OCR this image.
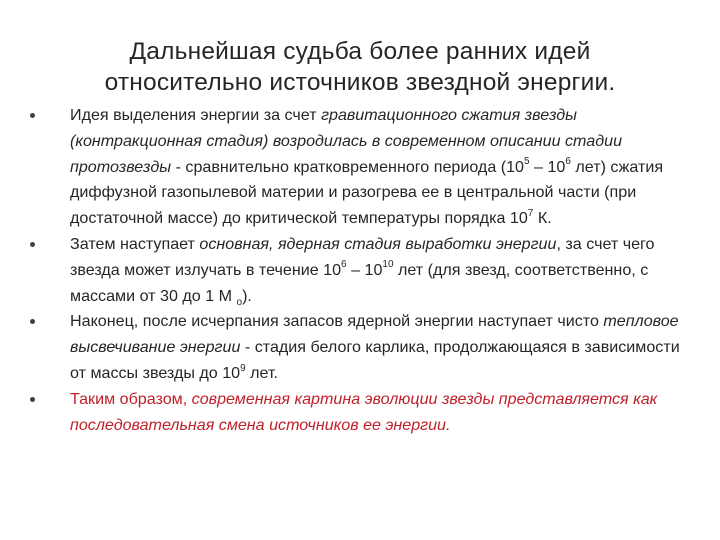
Дальнейшая судьба более ранних идей
относительно источников звездной энергии.
Идея выделения энергии за счет гравитационного сжатия звезды (контракционная стадия) возродилась в современном описании стадии протозвезды - сравнительно кратковременного периода ($10^5 - 10^6$ лет) сжатия диффузной газопылевой материи и разогрева ее в центральной части (при достаточной массе) до критической температуры порядка $10^7$ К.
Затем наступает основная, ядерная стадия выработки энергии, за счет чего звезда может излучать в течение $10^6 - 10^{10}$ лет (для звезд, соответственно, с массами от 30 до 1 М $_о$).
Наконец, после исчерпания запасов ядерной энергии наступает чисто тепловое высвечивание энергии - стадия белого карлика, продолжающаяся в зависимости от массы звезды до $10^9$ лет.
Таким образом, современная картина эволюции звезды представляется как последовательная смена источников ее энергии.
